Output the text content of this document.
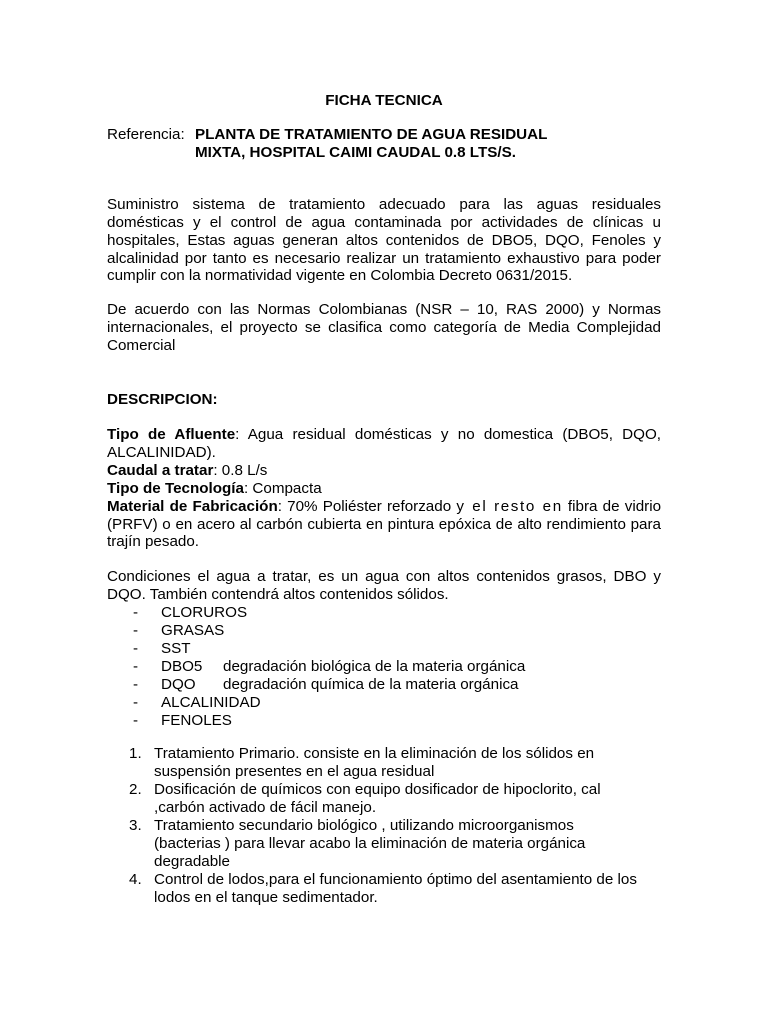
FICHA TECNICA
Referencia: PLANTA DE TRATAMIENTO DE AGUA RESIDUAL
MIXTA, HOSPITAL CAIMI CAUDAL 0.8 LTS/S.

Suministro sistema de tratamiento adecuado para las aguas residuales domésticas y el control de agua contaminada por actividades de clínicas u hospitales, Estas aguas generan altos contenidos de DBO5, DQO, Fenoles y alcalinidad por tanto es necesario realizar un tratamiento exhaustivo para poder cumplir con la normatividad vigente en Colombia Decreto 0631/2015.

De acuerdo con las Normas Colombianas (NSR – 10, RAS 2000) y Normas internacionales, el proyecto se clasifica como categoría de Media Complejidad Comercial

DESCRIPCION:

Tipo de Afluente: Agua residual domésticas y no domestica (DBO5, DQO, ALCALINIDAD).

Caudal a tratar: 0.8 L/s

Tipo de Tecnología: Compacta

Material de Fabricación: 70% Poliéster reforzado y el resto en fibra de vidrio (PRFV) o en acero al carbón cubierta en pintura epóxica de alto rendimiento para trajín pesado.

Condiciones el agua a tratar, es un agua con altos contenidos grasos, DBO y DQO. También contendrá altos contenidos sólidos.

-	CLORUROS
-	GRASAS
-	SST
-	DBO5	degradación biológica de la materia orgánica
-	DQO	degradación química de la materia orgánica
-	ALCALINIDAD
-	FENOLES
1. Tratamiento Primario. consiste en la eliminación de los sólidos en suspensión presentes en el agua residual
2. Dosificación de químicos con equipo dosificador de hipoclorito, cal ,carbón activado de fácil manejo.
3. Tratamiento secundario biológico , utilizando microorganismos (bacterias ) para llevar acabo la eliminación de materia orgánica degradable
4. Control de lodos,para el funcionamiento óptimo del asentamiento de los lodos en el tanque sedimentador.
